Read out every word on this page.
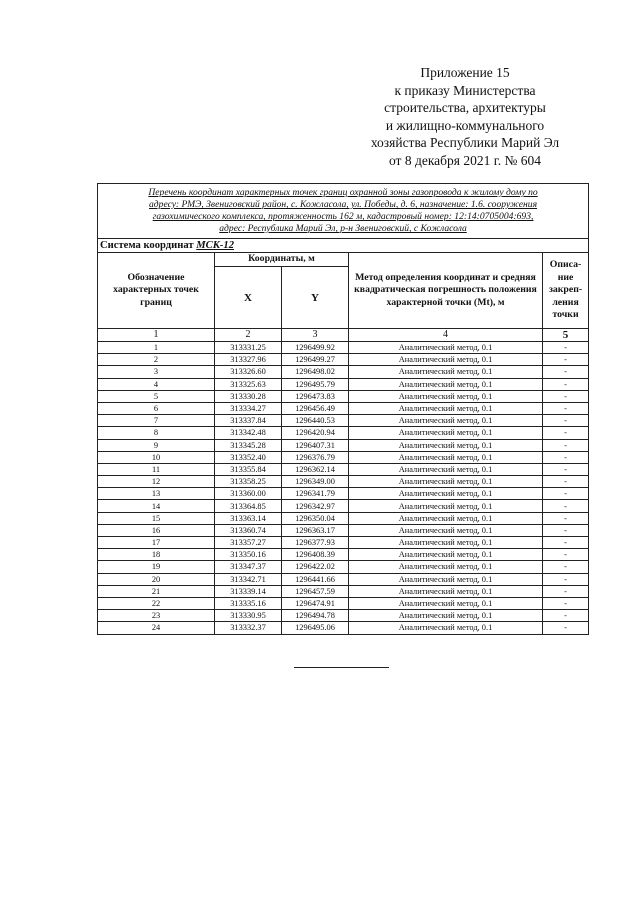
Приложение 15
к приказу Министерства
строительства, архитектуры
и жилищно-коммунального
хозяйства Республики Марий Эл
от 8 декабря 2021 г. № 604
Перечень координат характерных точек границ охранной зоны газопровода к жилому дому по
адресу: РМЭ, Звениговский район, с. Кожласола, ул. Победы, д. 6, назначение: 1.6. сооружения
газохимического комплекса, протяженность 162 м, кадастровый номер: 12:14:0705004:693,
адрес: Республика Марий Эл, р-н Звениговский, с Кожласола				

Система координат МСК-12				
Обозначение характерных точек границ	Координаты, м		Метод определения координат и средняя квадратическая погрешность положения характерной точки (Mt), м	Описа-ние закреп-ления точки
	X	Y		
1	2	3	4	5
1	313331.25	1296499.92	Аналитический метод, 0.1	-
2	313327.96	1296499.27	Аналитический метод, 0.1	-
3	313326.60	1296498.02	Аналитический метод, 0.1	-
4	313325.63	1296495.79	Аналитический метод, 0.1	-
5	313330.28	1296473.83	Аналитический метод, 0.1	-
6	313334.27	1296456.49	Аналитический метод, 0.1	-
7	313337.84	1296440.53	Аналитический метод, 0.1	-
8	313342.48	1296420.94	Аналитический метод, 0.1	-
9	313345.28	1296407.31	Аналитический метод, 0.1	-
10	313352.40	1296376.79	Аналитический метод, 0.1	-
11	313355.84	1296362.14	Аналитический метод, 0.1	-
12	313358.25	1296349.00	Аналитический метод, 0.1	-
13	313360.00	1296341.79	Аналитический метод, 0.1	-
14	313364.85	1296342.97	Аналитический метод, 0.1	-
15	313363.14	1296350.04	Аналитический метод, 0.1	-
16	313360.74	1296363.17	Аналитический метод, 0.1	-
17	313357.27	1296377.93	Аналитический метод, 0.1	-
18	313350.16	1296408.39	Аналитический метод, 0.1	-
19	313347.37	1296422.02	Аналитический метод, 0.1	-
20	313342.71	1296441.66	Аналитический метод, 0.1	-
21	313339.14	1296457.59	Аналитический метод, 0.1	-
22	313335.16	1296474.91	Аналитический метод, 0.1	-
23	313330.95	1296494.78	Аналитический метод, 0.1	-
24	313332.37	1296495.06	Аналитический метод, 0.1	-
